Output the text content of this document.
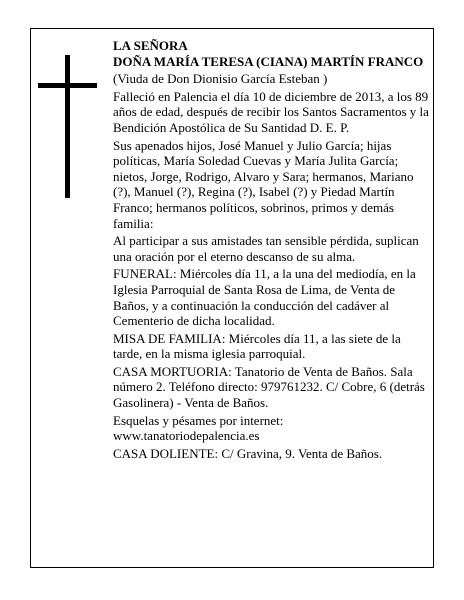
LA SEÑORA
DOÑA MARÍA TERESA (CIANA) MARTÍN FRANCO

(Viuda de Don Dionisio García Esteban )

Falleció en Palencia el día 10 de diciembre de 2013, a los 89 años de edad, después de recibir los Santos Sacramentos y la Bendición Apostólica de Su Santidad D. E. P.

Sus apenados hijos, José Manuel y Julio García; hijas políticas, María Soledad Cuevas y María Julita García; nietos, Jorge, Rodrigo, Alvaro y Sara; hermanos, Mariano (?), Manuel (?), Regina (?), Isabel (?) y Piedad Martín Franco; hermanos políticos, sobrinos, primos y demás familia:

Al participar a sus amistades tan sensible pérdida, suplican una oración por el eterno descanso de su alma.

FUNERAL: Miércoles día 11, a la una del mediodía, en la Iglesia Parroquial de Santa Rosa de Lima, de Venta de Baños, y a continuación la conducción del cadáver al Cementerio de dicha localidad.

MISA DE FAMILIA: Miércoles día 11, a las siete de la tarde, en la misma iglesia parroquial.

CASA MORTUORIA: Tanatorio de Venta de Baños. Sala número 2. Teléfono directo: 979761232. C/ Cobre, 6 (detrás Gasolinera) - Venta de Baños.

Esquelas y pésames por internet: www.tanatoriodepalencia.es

CASA DOLIENTE: C/ Gravina, 9. Venta de Baños.
